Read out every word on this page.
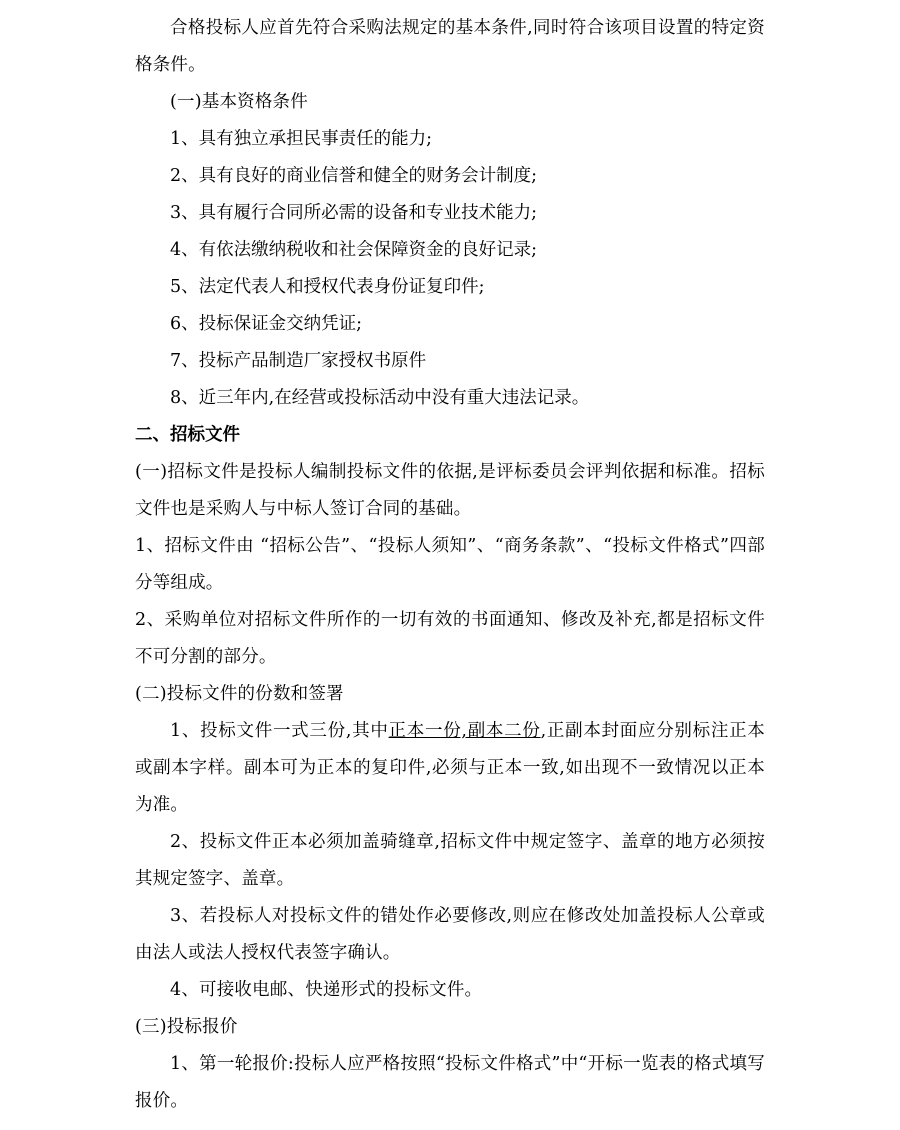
合格投标人应首先符合采购法规定的基本条件,同时符合该项目设置的特定资格条件。

(一)基本资格条件

1、具有独立承担民事责任的能力;

2、具有良好的商业信誉和健全的财务会计制度;

3、具有履行合同所必需的设备和专业技术能力;

4、有依法缴纳税收和社会保障资金的良好记录;

5、法定代表人和授权代表身份证复印件;

6、投标保证金交纳凭证;

7、投标产品制造厂家授权书原件

8、近三年内,在经营或投标活动中没有重大违法记录。

二、招标文件

(一)招标文件是投标人编制投标文件的依据,是评标委员会评判依据和标准。招标文件也是采购人与中标人签订合同的基础。

1、招标文件由 “招标公告”、“投标人须知”、“商务条款”、“投标文件格式”四部分等组成。

2、采购单位对招标文件所作的一切有效的书面通知、修改及补充,都是招标文件不可分割的部分。

(二)投标文件的份数和签署

1、投标文件一式三份,其中正本一份,副本二份,正副本封面应分别标注正本或副本字样。副本可为正本的复印件,必须与正本一致,如出现不一致情况以正本为准。

2、投标文件正本必须加盖骑缝章,招标文件中规定签字、盖章的地方必须按其规定签字、盖章。

3、若投标人对投标文件的错处作必要修改,则应在修改处加盖投标人公章或由法人或法人授权代表签字确认。

4、可接收电邮、快递形式的投标文件。

(三)投标报价

1、第一轮报价:投标人应严格按照“投标文件格式”中“开标一览表的格式填写报价。
